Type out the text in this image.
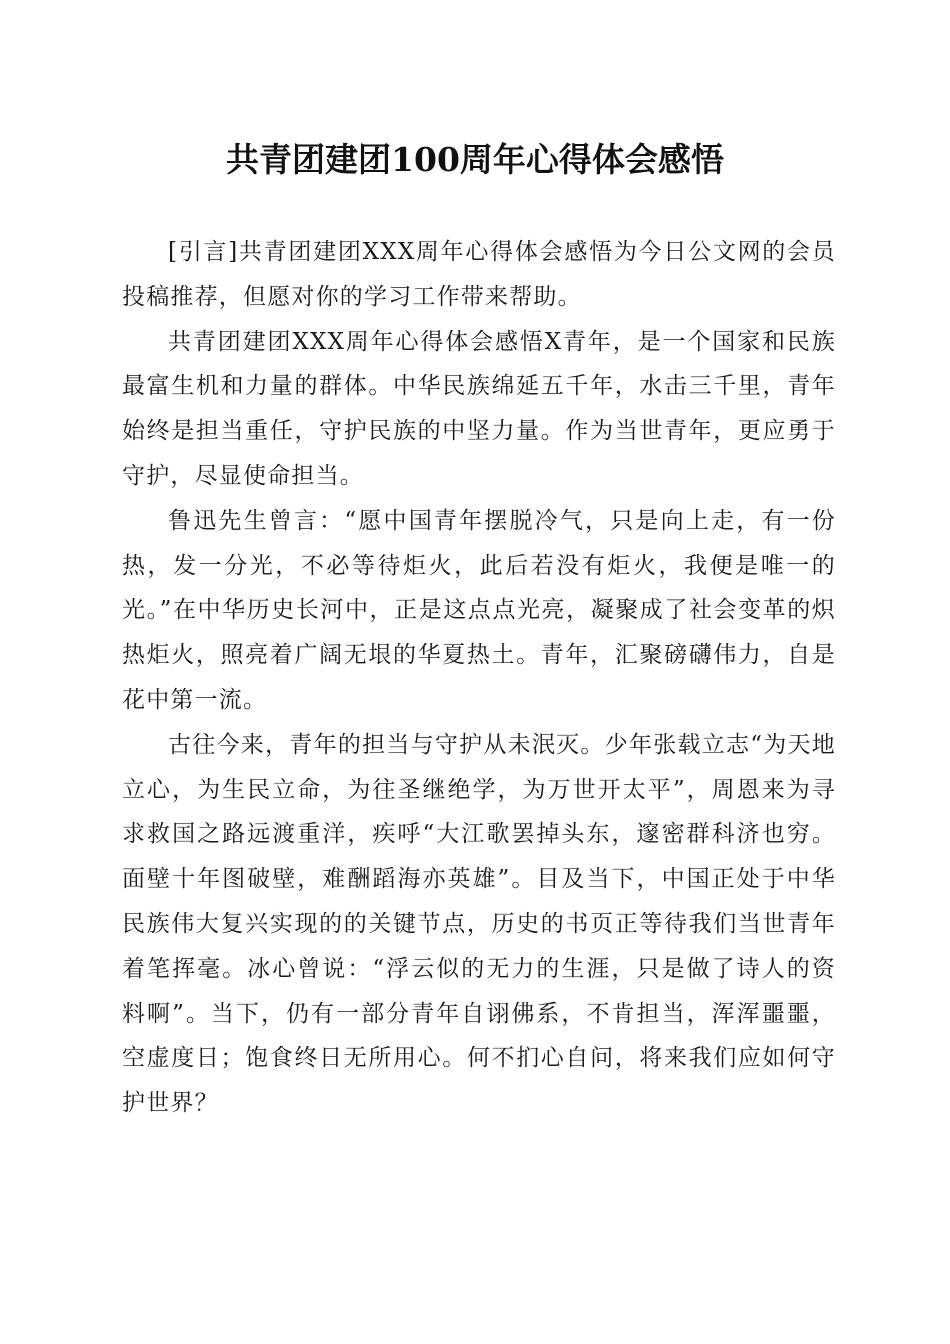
共青团建团100周年心得体会感悟

[引言]共青团建团XXX周年心得体会感悟为今日公文网的会员投稿推荐，但愿对你的学习工作带来帮助。

共青团建团XXX周年心得体会感悟X青年，是一个国家和民族最富生机和力量的群体。中华民族绵延五千年，水击三千里，青年始终是担当重任，守护民族的中坚力量。作为当世青年，更应勇于守护，尽显使命担当。

鲁迅先生曾言：“愿中国青年摆脱冷气，只是向上走，有一份热，发一分光，不必等待炬火，此后若没有炬火，我便是唯一的光。”在中华历史长河中，正是这点点光亮，凝聚成了社会变革的炽热炬火，照亮着广阔无垠的华夏热土。青年，汇聚磅礴伟力，自是花中第一流。

古往今来，青年的担当与守护从未泯灭。少年张载立志“为天地立心，为生民立命，为往圣继绝学，为万世开太平”，周恩来为寻求救国之路远渡重洋，疾呼“大江歌罢掉头东，邃密群科济也穷。面壁十年图破壁，难酬蹈海亦英雄”。目及当下，中国正处于中华民族伟大复兴实现的的关键节点，历史的书页正等待我们当世青年着笔挥毫。冰心曾说：“浮云似的无力的生涯，只是做了诗人的资料啊”。当下，仍有一部分青年自诩佛系，不肯担当，浑浑噩噩，空虚度日；饱食终日无所用心。何不扪心自问，将来我们应如何守护世界？
